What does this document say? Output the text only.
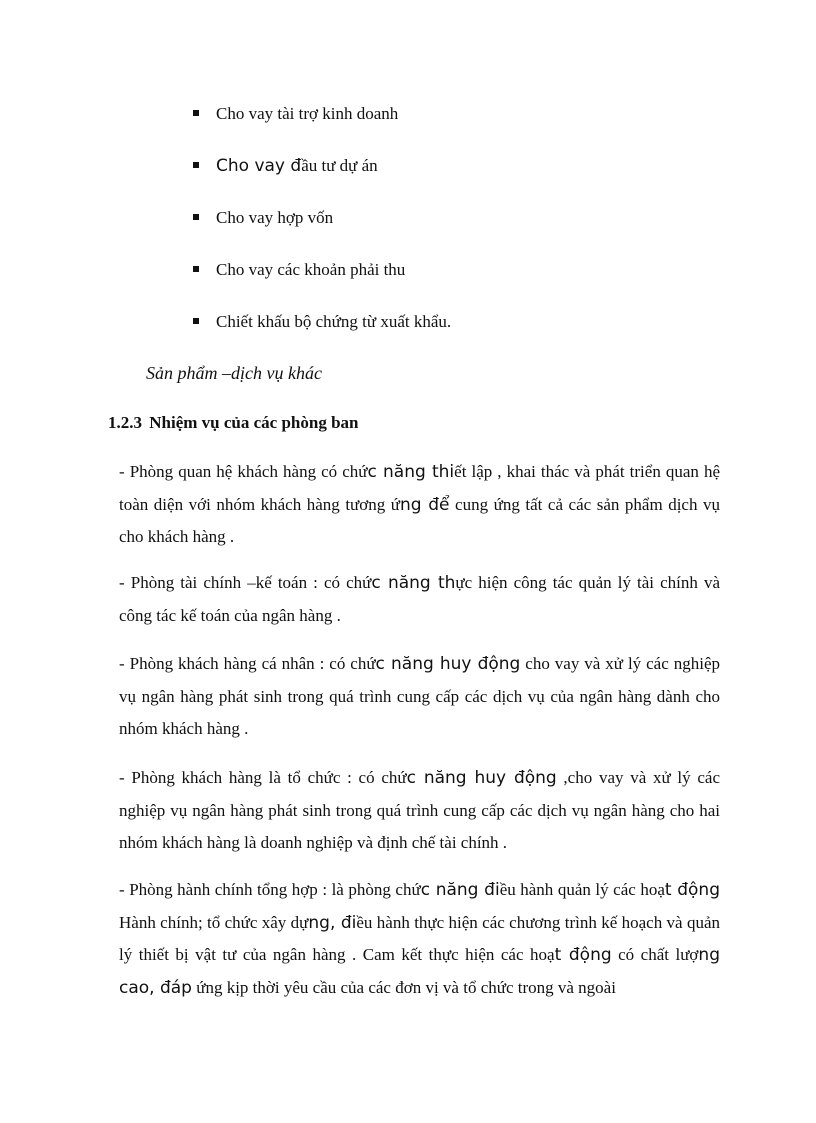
Cho vay tài trợ kinh doanh
Cho vay đầu tư dự án
Cho vay hợp vốn
Cho vay các khoản phải thu
Chiết khấu bộ chứng từ xuất khẩu.
Sản phẩm –dịch vụ khác
1.2.3 Nhiệm vụ của các phòng ban

- Phòng quan hệ khách hàng có chức năng thiết lập , khai thác và phát triển quan hệ toàn diện với nhóm khách hàng tương ứng để cung ứng tất cả các sản phẩm dịch vụ cho khách hàng .

- Phòng tài chính –kế toán : có chức năng thực hiện công tác quản lý tài chính và công tác kế toán của ngân hàng .

- Phòng khách hàng cá nhân : có chức năng huy động cho vay và xử lý các nghiệp vụ ngân hàng phát sinh trong quá trình cung cấp các dịch vụ của ngân hàng dành cho nhóm khách hàng .

- Phòng khách hàng là tổ chức : có chức năng huy động ,cho vay và xử lý các nghiệp vụ ngân hàng phát sinh trong quá trình cung cấp các dịch vụ ngân hàng cho hai nhóm khách hàng là doanh nghiệp và định chế tài chính .

- Phòng hành chính tổng hợp : là phòng chức năng điều hành quản lý các hoạt động Hành chính; tổ chức xây dựng, điều hành thực hiện các chương trình kế hoạch và quản lý thiết bị vật tư của ngân hàng . Cam kết thực hiện các hoạt động có chất lượng cao, đáp ứng kịp thời yêu cầu của các đơn vị và tổ chức trong và ngoài
